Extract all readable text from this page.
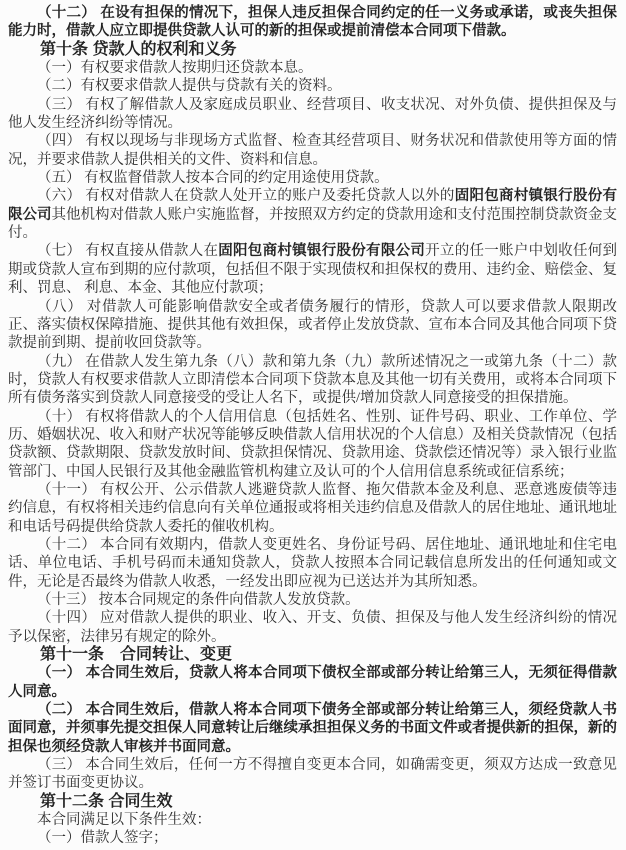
（十二） 在设有担保的情况下，担保人违反担保合同约定的任一义务或承诺，或丧失担保能力时，借款人应立即提供贷款人认可的新的担保或提前清偿本合同项下借款。

第十条 贷款人的权利和义务

（一）有权要求借款人按期归还贷款本息。

（二）有权要求借款人提供与贷款有关的资料。

（三） 有权了解借款人及家庭成员职业、经营项目、收支状况、对外负债、提供担保及与他人发生经济纠纷等情况。

（四） 有权以现场与非现场方式监督、检查其经营项目、财务状况和借款使用等方面的情况，并要求借款人提供相关的文件、资料和信息。

（五） 有权监督借款人按本合同的约定用途使用贷款。

（六） 有权对借款人在贷款人处开立的账户及委托贷款人以外的固阳包商村镇银行股份有限公司其他机构对借款人账户实施监督，并按照双方约定的贷款用途和支付范围控制贷款资金支付。

（七） 有权直接从借款人在固阳包商村镇银行股份有限公司开立的任一账户中划收任何到期或贷款人宣布到期的应付款项，包括但不限于实现债权和担保权的费用、违约金、赔偿金、复利、罚息、 利息、本金、其他应付款项；

（八） 对借款人可能影响借款安全或者债务履行的情形，贷款人可以要求借款人限期改正、落实债权保障措施、提供其他有效担保，或者停止发放贷款、宣布本合同及其他合同项下贷款提前到期、提前收回贷款等。

（九） 在借款人发生第九条（八）款和第九条（九）款所述情况之一或第九条（十二）款时，贷款人有权要求借款人立即清偿本合同项下贷款本息及其他一切有关费用，或将本合同项下所有债务落实到贷款人同意接受的受让人名下，或提供/增加贷款人同意接受的担保措施。

（十） 有权将借款人的个人信用信息（包括姓名、性别、证件号码、职业、工作单位、学历、婚姻状况、收入和财产状况等能够反映借款人信用状况的个人信息）及相关贷款情况（包括贷款额、贷款期限、贷款发放时间、贷款担保情况、贷款用途、贷款偿还情况等）录入银行业监管部门、中国人民银行及其他金融监管机构建立及认可的个人信用信息系统或征信系统；

（十一） 有权公开、公示借款人逃避贷款人监督、拖欠借款本金及利息、恶意逃废债等违约信息，有权将相关违约信息向有关单位通报或将相关违约信息及借款人的居住地址、通讯地址和电话号码提供给贷款人委托的催收机构。

（十二） 本合同有效期内，借款人变更姓名、身份证号码、居住地址、通讯地址和住宅电话、单位电话、手机号码而未通知贷款人，贷款人按照本合同记载信息所发出的任何通知或文件，无论是否最终为借款人收悉，一经发出即应视为已送达并为其所知悉。

（十三） 按本合同规定的条件向借款人发放贷款。

（十四） 应对借款人提供的职业、收入、开支、负债、担保及与他人发生经济纠纷的情况予以保密，法律另有规定的除外。

第十一条　合同转让、变更

（一） 本合同生效后，贷款人将本合同项下债权全部或部分转让给第三人，无须征得借款人同意。

（二） 本合同生效后，借款人将本合同项下债务全部或部分转让给第三人，须经贷款人书面同意，并须事先提交担保人同意转让后继续承担担保义务的书面文件或者提供新的担保，新的担保也须经贷款人审核并书面同意。

（三） 本合同生效后，任何一方不得擅自变更本合同，如确需变更，须双方达成一致意见并签订书面变更协议。

第十二条 合同生效

本合同满足以下条件生效：

（一）借款人签字；
